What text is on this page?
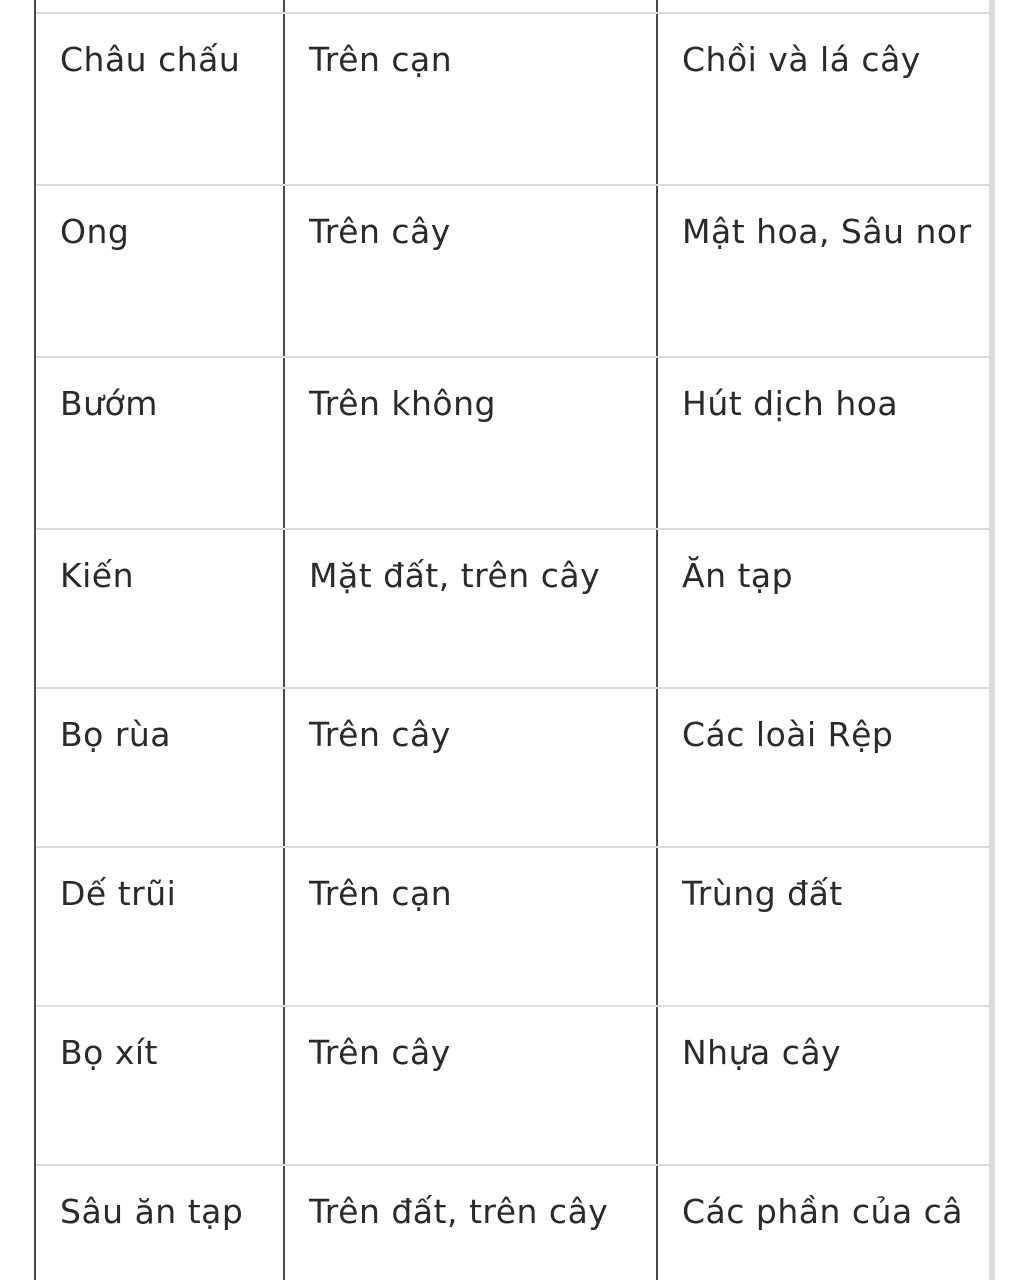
Châu chấu	Trên cạn	Chồi và lá cây
Ong	Trên cây	Mật hoa, Sâu nor
Bướm	Trên không	Hút dịch hoa
Kiến	Mặt đất, trên cây	Ăn tạp
Bọ rùa	Trên cây	Các loài Rệp
Dế trũi	Trên cạn	Trùng đất
Bọ xít	Trên cây	Nhựa cây
Sâu ăn tạp	Trên đất, trên cây	Các phần của câ
